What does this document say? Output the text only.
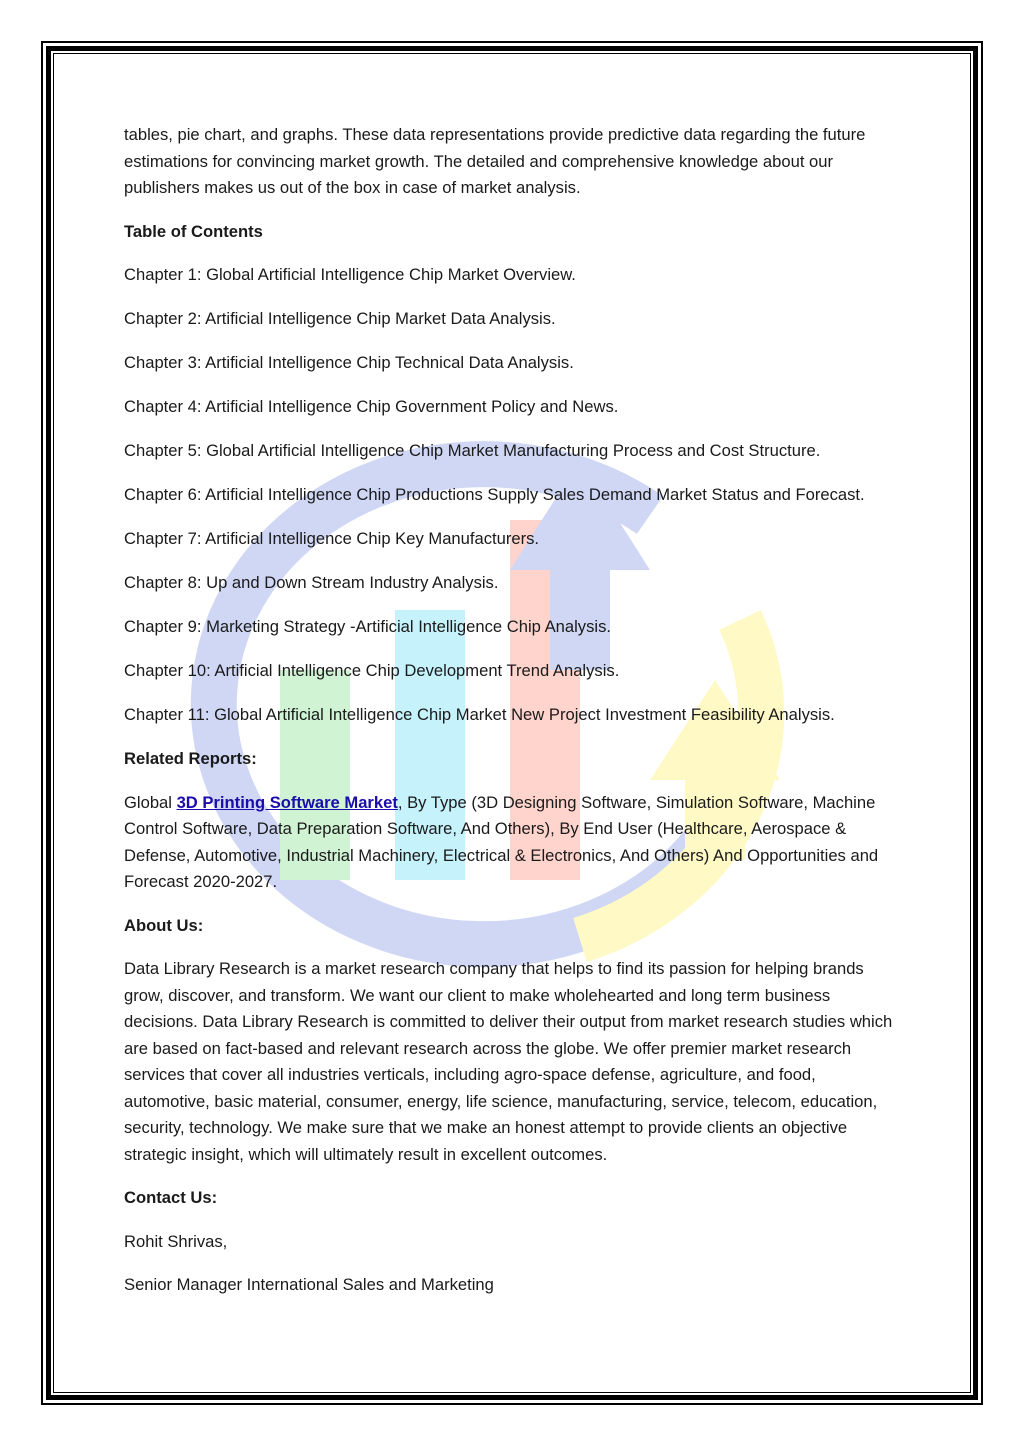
tables, pie chart, and graphs. These data representations provide predictive data regarding the future estimations for convincing market growth. The detailed and comprehensive knowledge about our publishers makes us out of the box in case of market analysis.

Table of Contents

Chapter 1: Global Artificial Intelligence Chip Market Overview.

Chapter 2: Artificial Intelligence Chip Market Data Analysis.

Chapter 3: Artificial Intelligence Chip Technical Data Analysis.

Chapter 4: Artificial Intelligence Chip Government Policy and News.

Chapter 5: Global Artificial Intelligence Chip Market Manufacturing Process and Cost Structure.

Chapter 6: Artificial Intelligence Chip Productions Supply Sales Demand Market Status and Forecast.

Chapter 7: Artificial Intelligence Chip Key Manufacturers.

Chapter 8: Up and Down Stream Industry Analysis.

Chapter 9: Marketing Strategy -Artificial Intelligence Chip Analysis.

Chapter 10: Artificial Intelligence Chip Development Trend Analysis.

Chapter 11: Global Artificial Intelligence Chip Market New Project Investment Feasibility Analysis.

Related Reports:

Global 3D Printing Software Market, By Type (3D Designing Software, Simulation Software, Machine Control Software, Data Preparation Software, And Others), By End User (Healthcare, Aerospace & Defense, Automotive, Industrial Machinery, Electrical & Electronics, And Others) And Opportunities and Forecast 2020-2027.

About Us:

Data Library Research is a market research company that helps to find its passion for helping brands grow, discover, and transform. We want our client to make wholehearted and long term business decisions. Data Library Research is committed to deliver their output from market research studies which are based on fact-based and relevant research across the globe. We offer premier market research services that cover all industries verticals, including agro-space defense, agriculture, and food, automotive, basic material, consumer, energy, life science, manufacturing, service, telecom, education, security, technology. We make sure that we make an honest attempt to provide clients an objective strategic insight, which will ultimately result in excellent outcomes.

Contact Us:

Rohit Shrivas,

Senior Manager International Sales and Marketing
